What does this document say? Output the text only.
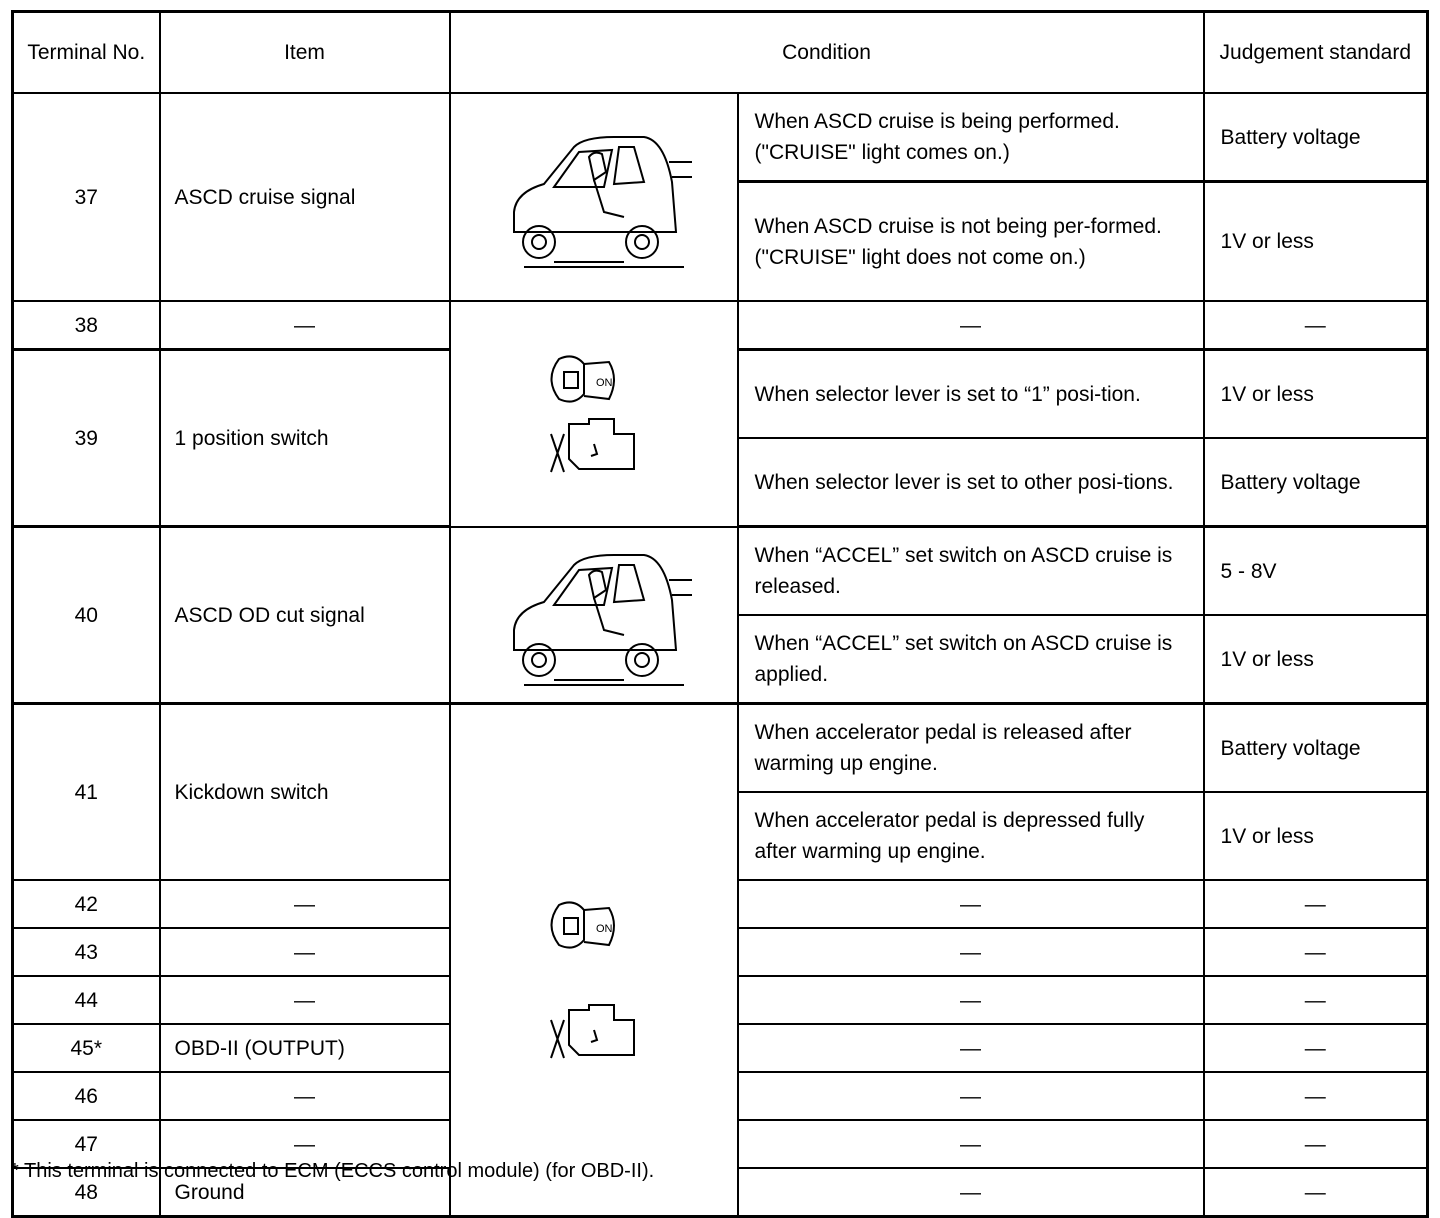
Terminal No.	Item	Condition		Judgement standard
37	ASCD cruise signal		When ASCD cruise is being performed. ("CRUISE" light comes on.)	Battery voltage
			When ASCD cruise is not being per-formed. ("CRUISE" light does not come on.)	1V or less
38	—	ON	—	—
39	1 position switch		When selector lever is set to “1” posi-tion.	1V or less
			When selector lever is set to other posi-tions.	Battery voltage
40	ASCD OD cut signal		When “ACCEL” set switch on ASCD cruise is released.	5 - 8V
			When “ACCEL” set switch on ASCD cruise is applied.	1V or less
41	Kickdown switch	ON	When accelerator pedal is released after warming up engine.	Battery voltage
			When accelerator pedal is depressed fully after warming up engine.	1V or less
42	—		—	—
43	—		—	—
44	—		—	—
45*	OBD-II (OUTPUT)		—	—
46	—		—	—
47	—		—	—
48	Ground		—	—
* This terminal is connected to ECM (ECCS control module) (for OBD-II).
